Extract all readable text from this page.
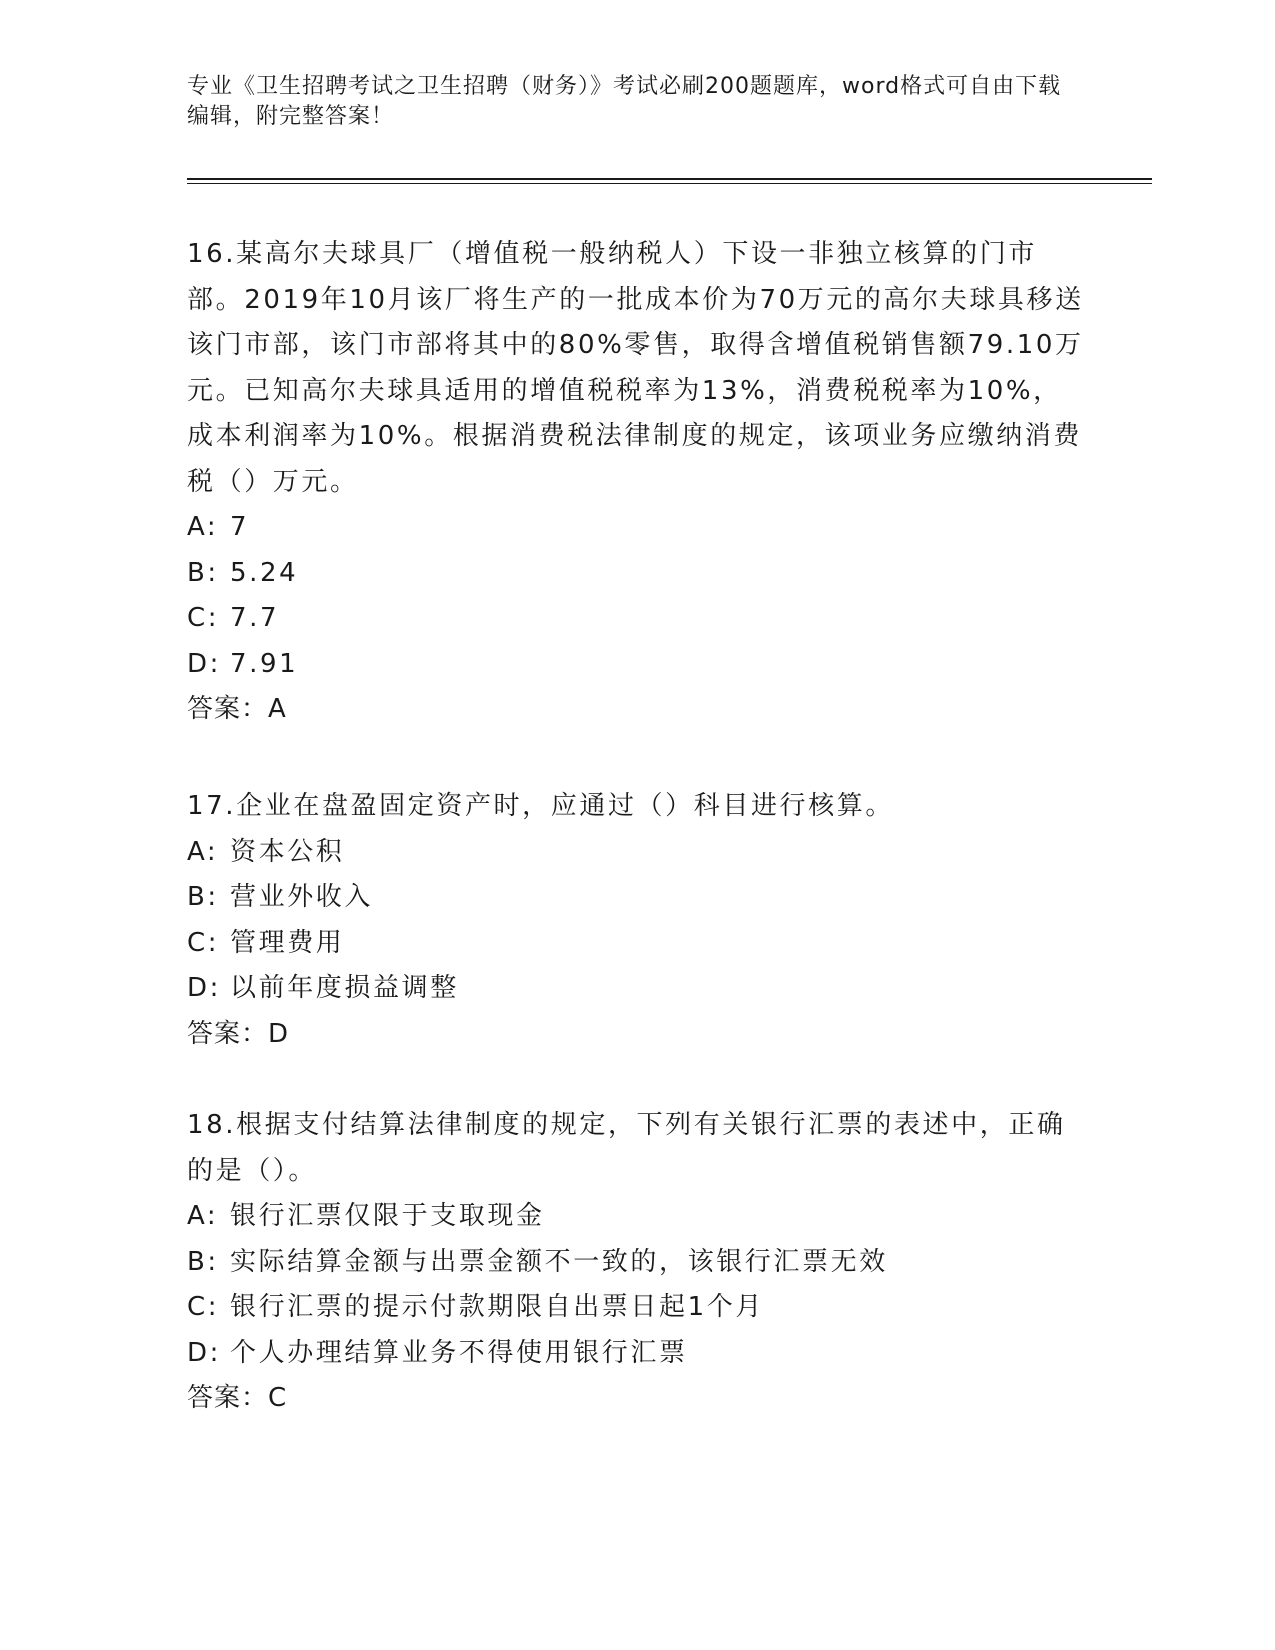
专业《卫生招聘考试之卫生招聘（财务）》考试必刷200题题库，word格式可自由下载编辑，附完整答案！

16.某高尔夫球具厂（增值税一般纳税人）下设一非独立核算的门市部。2019年10月该厂将生产的一批成本价为70万元的高尔夫球具移送该门市部，该门市部将其中的80%零售，取得含增值税销售额79.10万元。已知高尔夫球具适用的增值税税率为13%，消费税税率为10%，成本利润率为10%。根据消费税法律制度的规定，该项业务应缴纳消费税（）万元。

A: 7

B: 5.24

C: 7.7

D: 7.91

答案：A

17.企业在盘盈固定资产时，应通过（）科目进行核算。

A: 资本公积

B: 营业外收入

C: 管理费用

D: 以前年度损益调整

答案：D

18.根据支付结算法律制度的规定，下列有关银行汇票的表述中，正确的是（）。

A: 银行汇票仅限于支取现金

B: 实际结算金额与出票金额不一致的，该银行汇票无效

C: 银行汇票的提示付款期限自出票日起1个月

D: 个人办理结算业务不得使用银行汇票

答案：C
